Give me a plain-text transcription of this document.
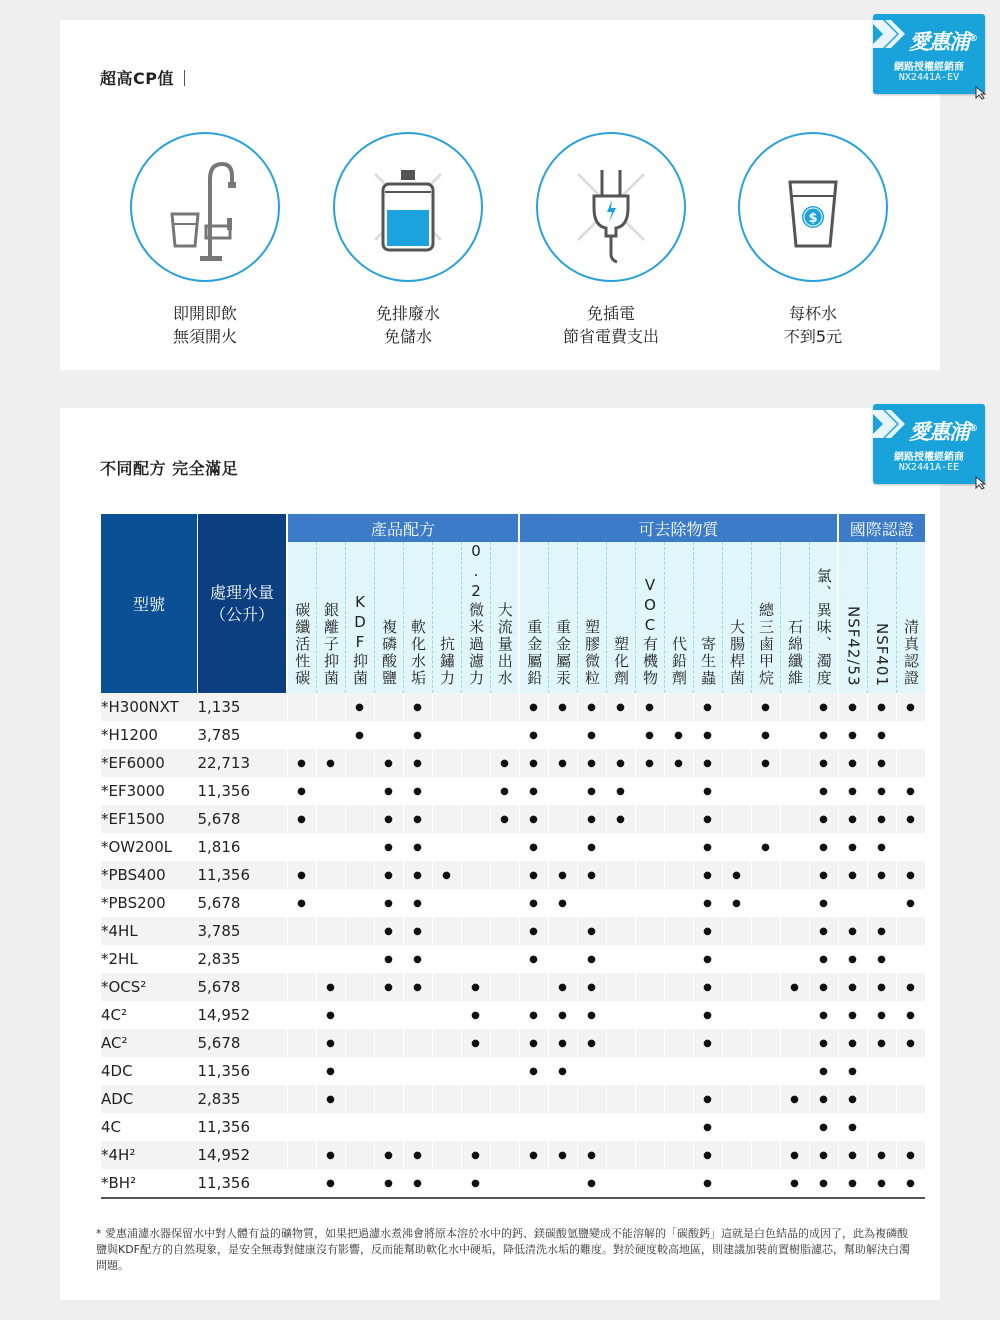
超高CP值
即開即飲
無須開火
免排廢水
免儲水
免插電
節省電費支出
$
每杯水
不到5元
愛惠浦®
網路授權經銷商
NX2441A-EV
不同配方 完全滿足
型號	處理水量（公升）	產品配方								可去除物質											國際認證		

		碳纖活性碳	銀離子抑菌	KDF抑菌	複磷酸鹽	軟化水垢	抗鏽力	0.2微米過濾力	大流量出水	重金屬鉛	重金屬汞	塑膠微粒	塑化劑	VOC有機物	代鉛劑	寄生蟲	大腸桿菌	總三鹵甲烷	石綿纖維	氯、異味、濁度	NSF42/53	NSF401	清真認證

*H300NXT	1,135			●		●				●	●	●	●	●		●		●		●	●	●	●
*H1200	3,785			●		●				●		●		●	●	●		●		●	●	●	
*EF6000	22,713	●	●		●	●			●	●	●	●	●	●	●	●		●		●	●	●	
*EF3000	11,356	●			●	●			●	●		●	●			●				●	●	●	●
*EF1500	5,678	●			●	●			●	●		●	●			●				●	●	●	●
*OW200L	1,816				●	●				●		●				●		●		●	●	●	
*PBS400	11,356	●			●	●	●			●	●	●				●	●			●	●	●	●
*PBS200	5,678	●			●	●				●	●					●	●			●			●
*4HL	3,785				●	●				●		●				●				●	●	●	
*2HL	2,835				●	●				●		●				●				●	●	●	
*OCS²	5,678		●		●	●		●			●	●				●			●	●	●	●	●
4C²	14,952		●					●		●	●	●				●				●	●	●	●
AC²	5,678		●					●		●	●	●				●				●	●	●	●
4DC	11,356		●							●	●									●	●		
ADC	2,835		●													●			●	●	●		
4C	11,356															●				●	●		
*4H²	14,952		●		●	●		●		●	●	●				●			●	●	●	●	●
*BH²	11,356		●		●	●		●				●				●			●	●	●	●	●
* 愛惠浦濾水器保留水中對人體有益的礦物質，如果把過濾水煮沸會將原本溶於水中的鈣、鎂碳酸氫鹽變成不能溶解的「碳酸鈣」這就是白色結晶的成因了，此為複磷酸鹽與KDF配方的自然現象，是安全無毒對健康沒有影響，反而能幫助軟化水中硬垢，降低清洗水垢的難度。對於硬度較高地區，則建議加裝前置樹脂濾芯，幫助解決白濁問題。
愛惠浦®
網路授權經銷商
NX2441A-EE
